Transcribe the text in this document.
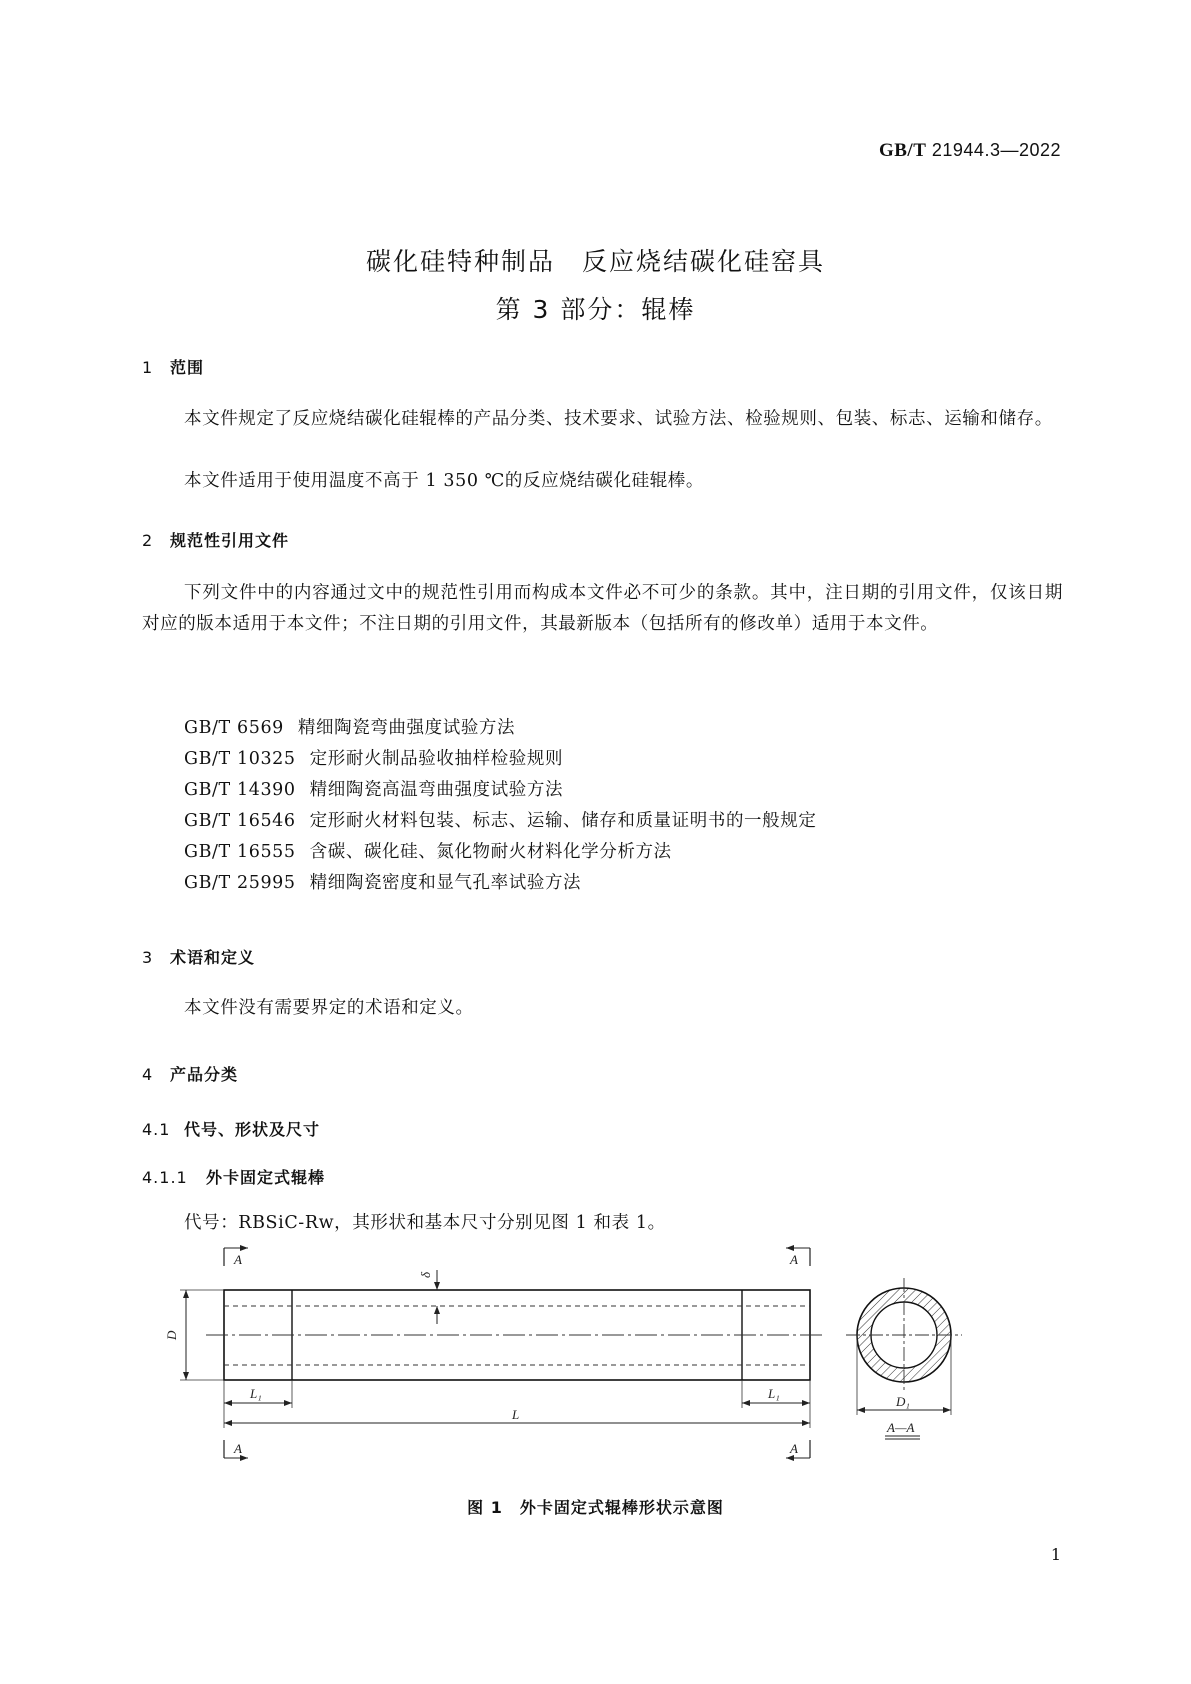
GB/T 21944.3—2022
碳化硅特种制品　反应烧结碳化硅窑具
第 3 部分：辊棒
1 范围
本文件规定了反应烧结碳化硅辊棒的产品分类、技术要求、试验方法、检验规则、包装、标志、运输和储存。
本文件适用于使用温度不高于 1 350 ℃的反应烧结碳化硅辊棒。
2 规范性引用文件
下列文件中的内容通过文中的规范性引用而构成本文件必不可少的条款。其中，注日期的引用文件，仅该日期对应的版本适用于本文件；不注日期的引用文件，其最新版本（包括所有的修改单）适用于本文件。
GB/T 6569 精细陶瓷弯曲强度试验方法
GB/T 10325 定形耐火制品验收抽样检验规则
GB/T 14390 精细陶瓷高温弯曲强度试验方法
GB/T 16546 定形耐火材料包装、标志、运输、储存和质量证明书的一般规定
GB/T 16555 含碳、碳化硅、氮化物耐火材料化学分析方法
GB/T 25995 精细陶瓷密度和显气孔率试验方法
3 术语和定义
本文件没有需要界定的术语和定义。
4 产品分类
4.1 代号、形状及尺寸
4.1.1 外卡固定式辊棒
代号：RBSiC-Rw，其形状和基本尺寸分别见图 1 和表 1。
A
A
A
A
δ
D
L₁	L₁
L
D₁
A—A
图 1　外卡固定式辊棒形状示意图
1
